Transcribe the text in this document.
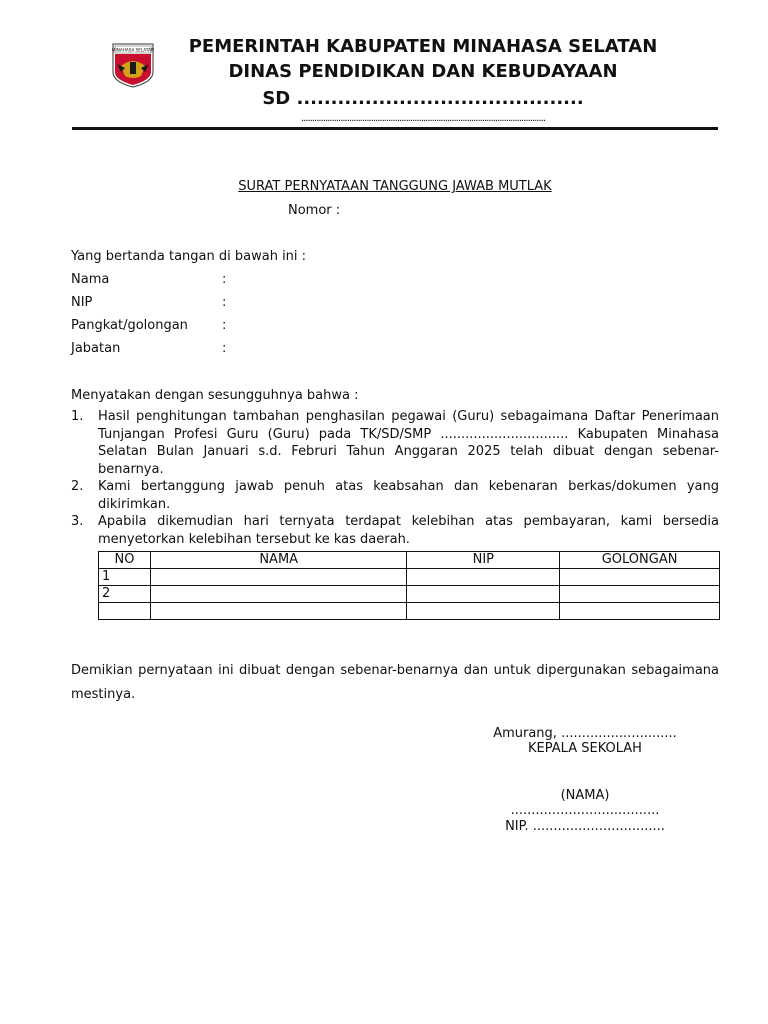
MINAHASA SELATAN	PEMERINTAH KABUPATEN MINAHASA SELATAN
DINAS PENDIDIKAN DAN KEBUDAYAAN
SD ..........................................
................................................................................................................
SURAT PERNYATAAN TANGGUNG JAWAB MUTLAK
Nomor :
Yang bertanda tangan di bawah ini :
Nama	:
NIP	:
Pangkat/golongan	:
Jabatan	:
Menyatakan dengan sesungguhnya bahwa :
1. Hasil penghitungan tambahan penghasilan pegawai (Guru) sebagaimana Daftar Penerimaan Tunjangan Profesi Guru (Guru) pada TK/SD/SMP ............................... Kabupaten Minahasa Selatan Bulan Januari s.d. Februri Tahun Anggaran 2025 telah dibuat dengan sebenar-benarnya.
2. Kami bertanggung jawab penuh atas keabsahan dan kebenaran berkas/dokumen yang dikirimkan.
3. Apabila dikemudian hari ternyata terdapat kelebihan atas pembayaran, kami bersedia menyetorkan kelebihan tersebut ke kas daerah.
NO	NAMA	NIP	GOLONGAN
1			
2			

Demikian pernyataan ini dibuat dengan sebenar-benarnya dan untuk dipergunakan sebagaimana mestinya.
Amurang, ............................
KEPALA SEKOLAH
(NAMA)
....................................
NIP. ................................
